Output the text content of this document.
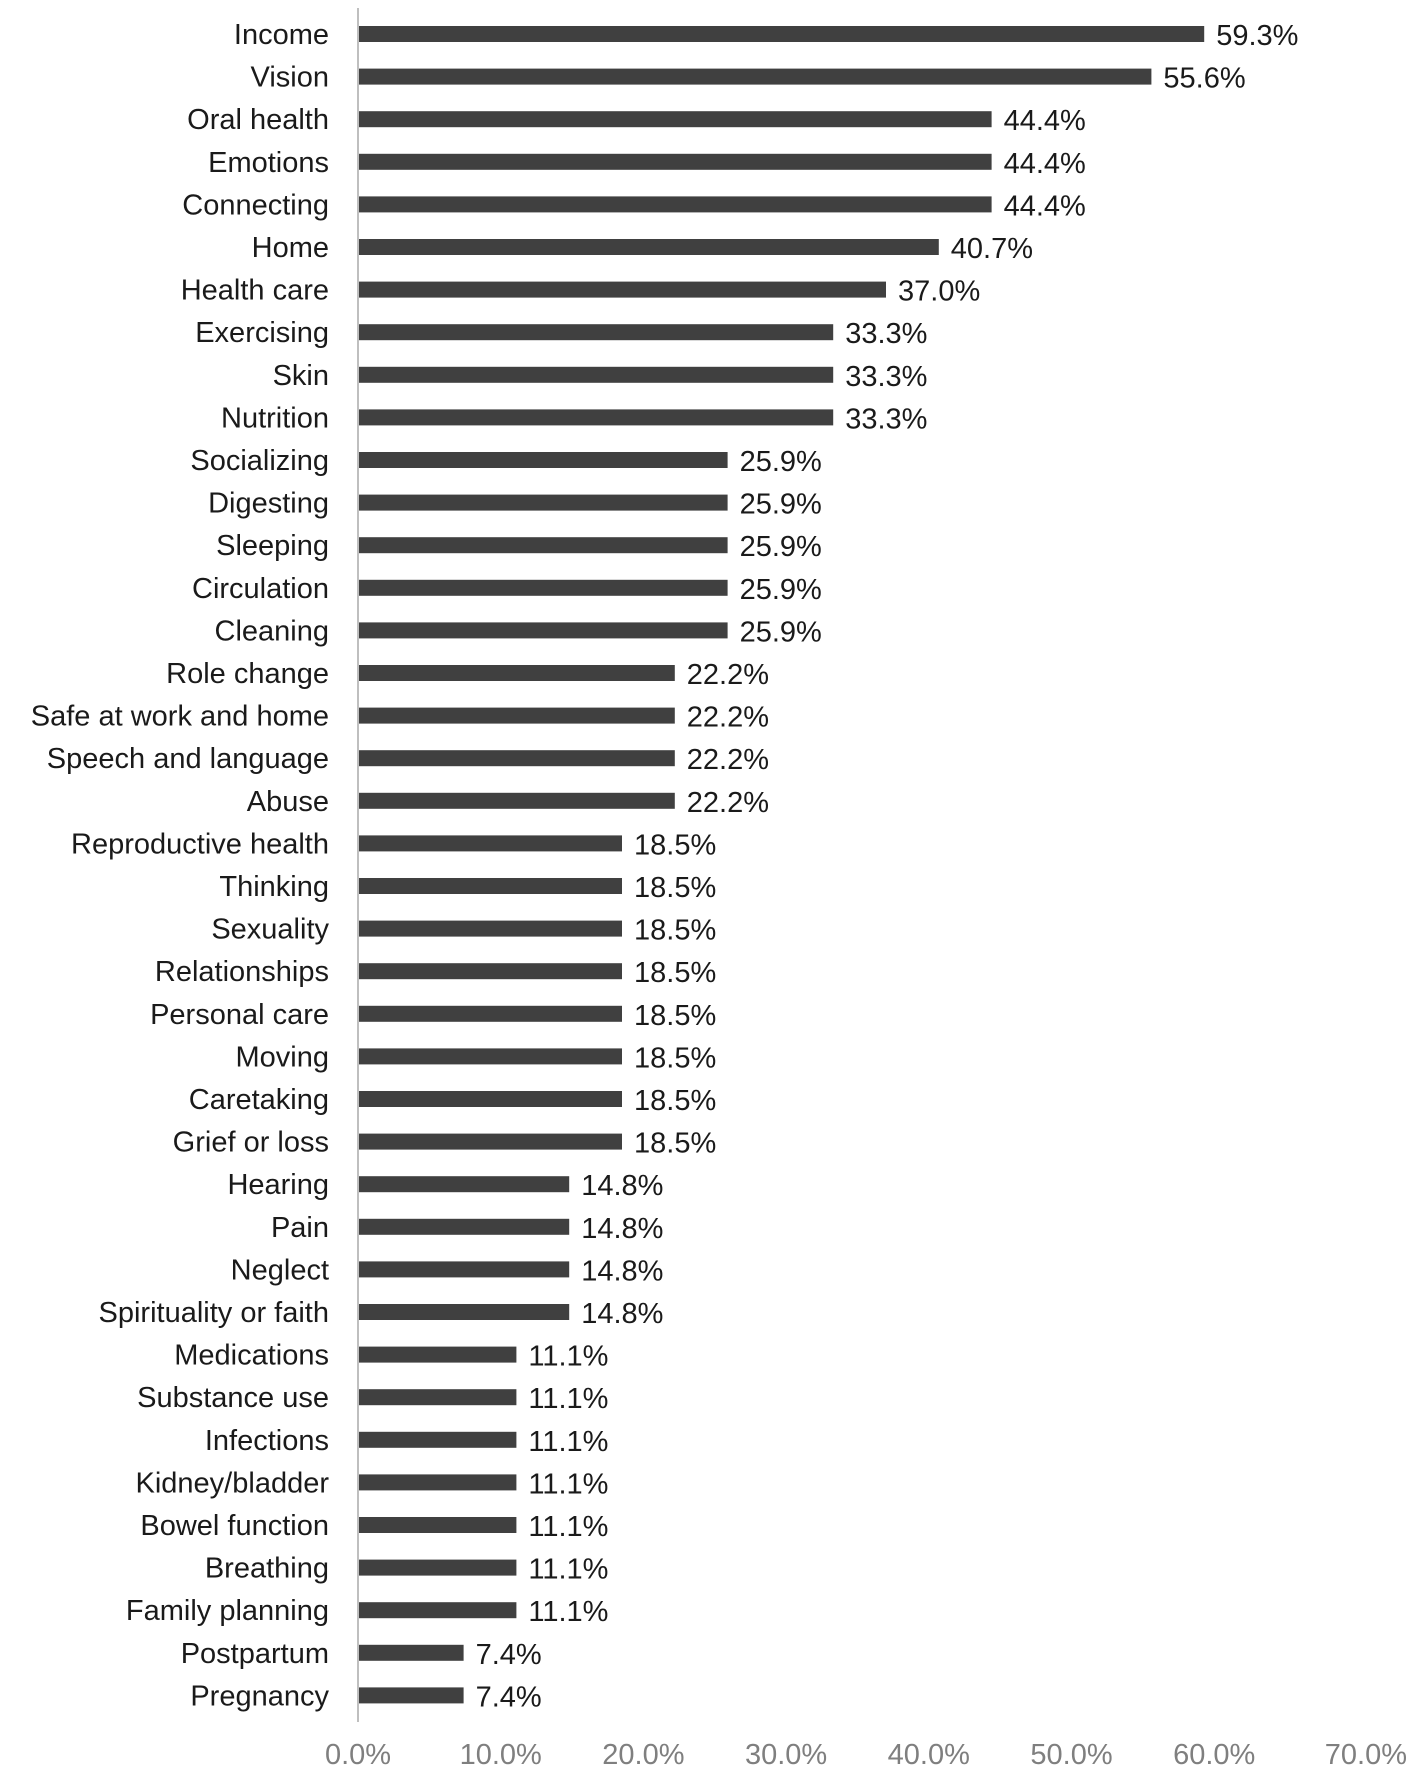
Income
Vision
Oral health
Emotions
Connecting
Home
Health care
Exercising
Skin
Nutrition
Socializing
Digesting
Sleeping
Circulation
Cleaning
Role change
Safe at work and home
Speech and language
Abuse
Reproductive health
Thinking
Sexuality
Relationships
Personal care
Moving
Caretaking
Grief or loss
Hearing
Pain
Neglect
Spirituality or faith
Medications
Substance use
Infections
Kidney/bladder
Bowel function
Breathing
Family planning
Postpartum
Pregnancy
59.3%
55.6%
44.4%
44.4%
44.4%
40.7%
37.0%
33.3%
33.3%
33.3%
25.9%
25.9%
25.9%
25.9%
25.9%
22.2%
22.2%
22.2%
22.2%
18.5%
18.5%
18.5%
18.5%
18.5%
18.5%
18.5%
18.5%
14.8%
14.8%
14.8%
14.8%
11.1%
11.1%
11.1%
11.1%
11.1%
11.1%
11.1%
7.4%
7.4%
0.0% 10.0% 20.0% 30.0% 40.0% 50.0% 60.0% 70.0%
